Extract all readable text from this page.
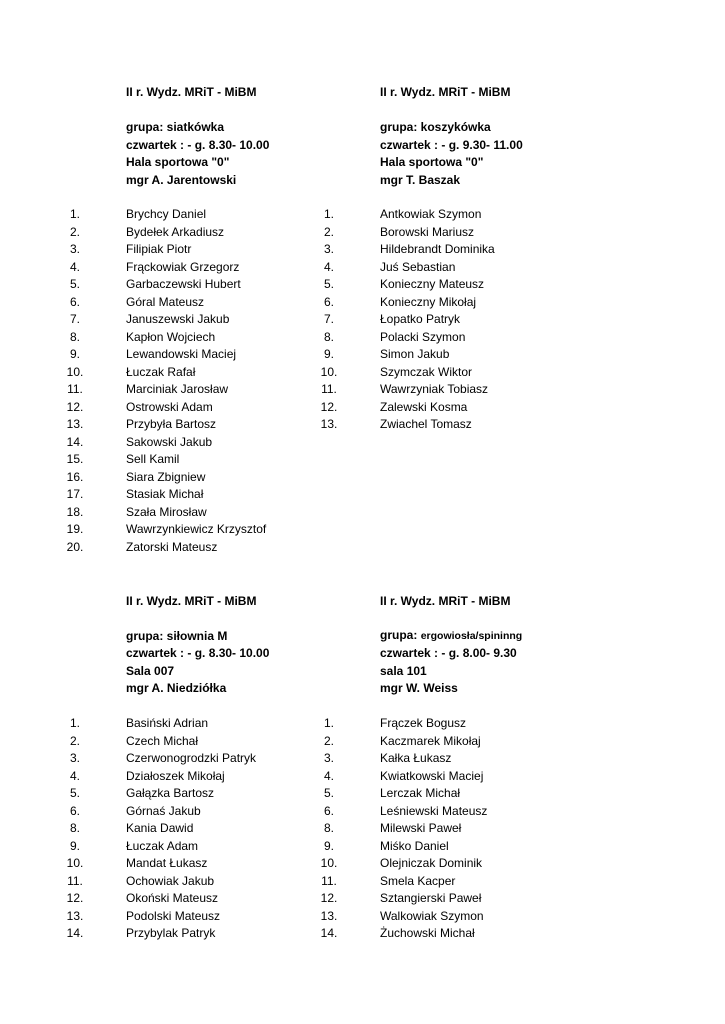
II r. Wydz. MRiT - MiBM
grupa: siatkówka
czwartek : - g. 8.30- 10.00
Hala sportowa "0"
mgr A. Jarentowski
1.	Brychcy Daniel
2.	Bydełek Arkadiusz
3.	Filipiak Piotr
4.	Frąckowiak Grzegorz
5.	Garbaczewski Hubert
6.	Góral Mateusz
7.	Januszewski Jakub
8.	Kapłon Wojciech
9.	Lewandowski Maciej
10.	Łuczak Rafał
11.	Marciniak Jarosław
12.	Ostrowski Adam
13.	Przybyła Bartosz
14.	Sakowski Jakub
15.	Sell Kamil
16.	Siara Zbigniew
17.	Stasiak Michał
18.	Szała Mirosław
19.	Wawrzynkiewicz Krzysztof
20.	Zatorski Mateusz
II r. Wydz. MRiT - MiBM
grupa: koszykówka
czwartek : - g. 9.30- 11.00
Hala sportowa "0"
mgr T. Baszak
1.	Antkowiak Szymon
2.	Borowski Mariusz
3.	Hildebrandt Dominika
4.	Juś Sebastian
5.	Konieczny Mateusz
6.	Konieczny Mikołaj
7.	Łopatko Patryk
8.	Polacki Szymon
9.	Simon Jakub
10.	Szymczak Wiktor
11.	Wawrzyniak Tobiasz
12.	Zalewski Kosma
13.	Zwiachel Tomasz
II r. Wydz. MRiT - MiBM
grupa: siłownia M
czwartek : - g. 8.30- 10.00
Sala 007
mgr A. Niedziółka
1.	Basiński Adrian
2.	Czech Michał
3.	Czerwonogrodzki Patryk
4.	Działoszek Mikołaj
5.	Gałązka Bartosz
6.	Górnaś Jakub
8.	Kania Dawid
9.	Łuczak Adam
10.	Mandat Łukasz
11.	Ochowiak Jakub
12.	Okoński Mateusz
13.	Podolski Mateusz
14.	Przybylak Patryk
II r. Wydz. MRiT - MiBM
grupa: ergowiosła/spininng
czwartek : - g. 8.00- 9.30
sala 101
mgr W. Weiss
1.	Frączek Bogusz
2.	Kaczmarek Mikołaj
3.	Kałka Łukasz
4.	Kwiatkowski Maciej
5.	Lerczak Michał
6.	Leśniewski Mateusz
8.	Milewski Paweł
9.	Miśko Daniel
10.	Olejniczak Dominik
11.	Smela Kacper
12.	Sztangierski Paweł
13.	Walkowiak Szymon
14.	Żuchowski Michał
